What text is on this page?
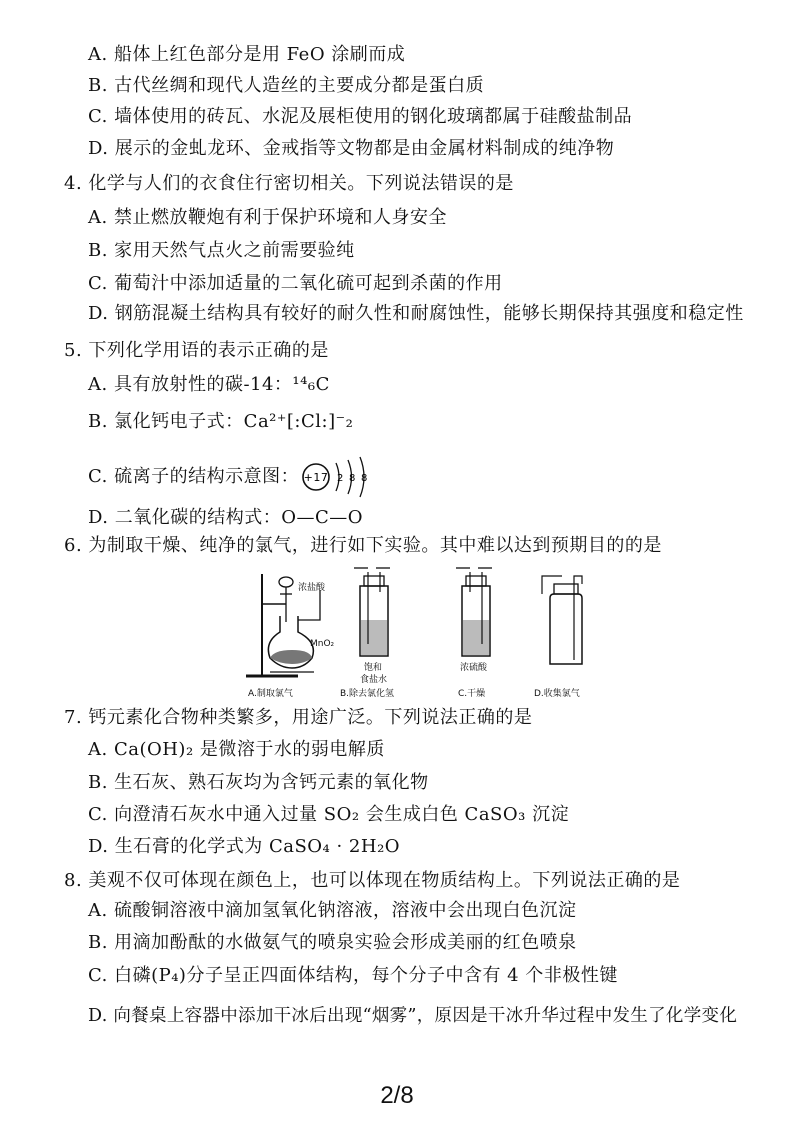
A. 船体上红色部分是用 FeO 涂刷而成
B. 古代丝绸和现代人造丝的主要成分都是蛋白质
C. 墙体使用的砖瓦、水泥及展柜使用的钢化玻璃都属于硅酸盐制品
D. 展示的金虬龙环、金戒指等文物都是由金属材料制成的纯净物
4. 化学与人们的衣食住行密切相关。下列说法错误的是
A. 禁止燃放鞭炮有利于保护环境和人身安全
B. 家用天然气点火之前需要验纯
C. 葡萄汁中添加适量的二氧化硫可起到杀菌的作用
D. 钢筋混凝土结构具有较好的耐久性和耐腐蚀性，能够长期保持其强度和稳定性
5. 下列化学用语的表示正确的是
A. 具有放射性的碳-14：¹⁴₆C
B. 氯化钙电子式：Ca²⁺[:Cl:]⁻₂
C. 硫离子的结构示意图： +17 2 8 8
D. 二氧化碳的结构式：O—C—O
6. 为制取干燥、纯净的氯气，进行如下实验。其中难以达到预期目的的是
浓盐酸
MnO₂
饱和
食盐水
浓硫酸
A.制取氯气	B.除去氯化氢	C.干燥	D.收集氯气
7. 钙元素化合物种类繁多，用途广泛。下列说法正确的是
A. Ca(OH)₂ 是微溶于水的弱电解质
B. 生石灰、熟石灰均为含钙元素的氧化物
C. 向澄清石灰水中通入过量 SO₂ 会生成白色 CaSO₃ 沉淀
D. 生石膏的化学式为 CaSO₄ · 2H₂O
8. 美观不仅可体现在颜色上，也可以体现在物质结构上。下列说法正确的是
A. 硫酸铜溶液中滴加氢氧化钠溶液，溶液中会出现白色沉淀
B. 用滴加酚酞的水做氨气的喷泉实验会形成美丽的红色喷泉
C. 白磷(P₄)分子呈正四面体结构，每个分子中含有 4 个非极性键
D. 向餐桌上容器中添加干冰后出现“烟雾”，原因是干冰升华过程中发生了化学变化
2/8
